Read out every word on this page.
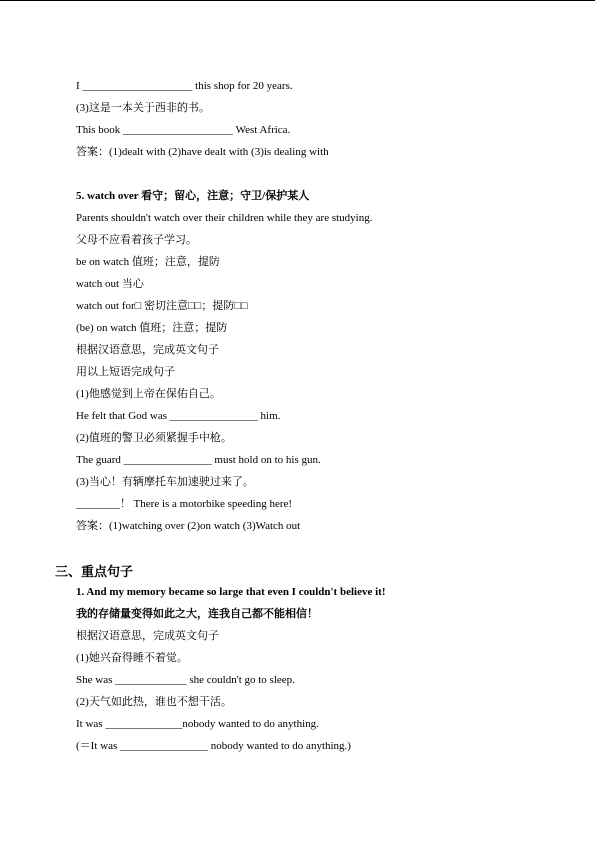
I ____________________ this shop for 20 years.
(3)这是一本关于西非的书。
This book ____________________ West Africa.
答案：(1)dealt with (2)have dealt with (3)is dealing with
5. watch over 看守；留心，注意；守卫/保护某人
Parents shouldn't watch over their children while they are studying.
父母不应看着孩子学习。
be on watch 值班；注意，提防
watch out 当心
watch out for□ 密切注意□□；提防□□
(be) on watch 值班；注意；提防
根据汉语意思，完成英文句子
用以上短语完成句子
(1)他感觉到上帝在保佑自己。
He felt that God was ________________ him.
(2)值班的警卫必须紧握手中枪。
The guard ________________ must hold on to his gun.
(3)当心！有辆摩托车加速驶过来了。
________！ There is a motorbike speeding here!
答案：(1)watching over (2)on watch (3)Watch out
三、重点句子
1. And my memory became so large that even I couldn't believe it!
我的存储量变得如此之大，连我自己都不能相信！
根据汉语意思，完成英文句子
(1)她兴奋得睡不着觉。
She was _____________ she couldn't go to sleep.
(2)天气如此热，谁也不想干活。
It was ______________nobody wanted to do anything.
(＝It was ________________ nobody wanted to do anything.)
